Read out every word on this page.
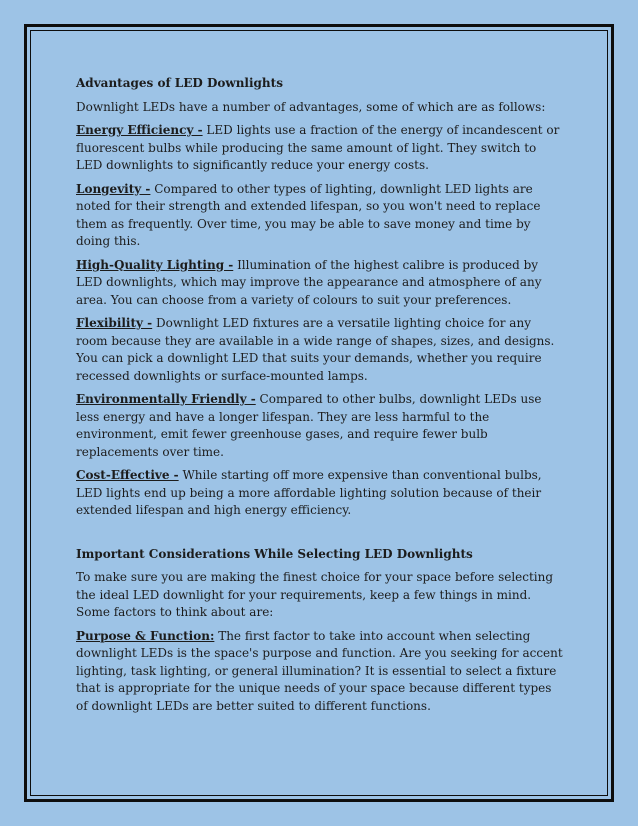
Advantages of LED Downlights

Downlight LEDs have a number of advantages, some of which are as follows:

Energy Efficiency - LED lights use a fraction of the energy of incandescent or fluorescent bulbs while producing the same amount of light. They switch to LED downlights to significantly reduce your energy costs.

Longevity - Compared to other types of lighting, downlight LED lights are noted for their strength and extended lifespan, so you won't need to replace them as frequently. Over time, you may be able to save money and time by doing this.

High-Quality Lighting - Illumination of the highest calibre is produced by LED downlights, which may improve the appearance and atmosphere of any area. You can choose from a variety of colours to suit your preferences.

Flexibility - Downlight LED fixtures are a versatile lighting choice for any room because they are available in a wide range of shapes, sizes, and designs. You can pick a downlight LED that suits your demands, whether you require recessed downlights or surface-mounted lamps.

Environmentally Friendly - Compared to other bulbs, downlight LEDs use less energy and have a longer lifespan. They are less harmful to the environment, emit fewer greenhouse gases, and require fewer bulb replacements over time.

Cost-Effective - While starting off more expensive than conventional bulbs, LED lights end up being a more affordable lighting solution because of their extended lifespan and high energy efficiency.

Important Considerations While Selecting LED Downlights

To make sure you are making the finest choice for your space before selecting the ideal LED downlight for your requirements, keep a few things in mind. Some factors to think about are:

Purpose & Function: The first factor to take into account when selecting downlight LEDs is the space's purpose and function. Are you seeking for accent lighting, task lighting, or general illumination? It is essential to select a fixture that is appropriate for the unique needs of your space because different types of downlight LEDs are better suited to different functions.
